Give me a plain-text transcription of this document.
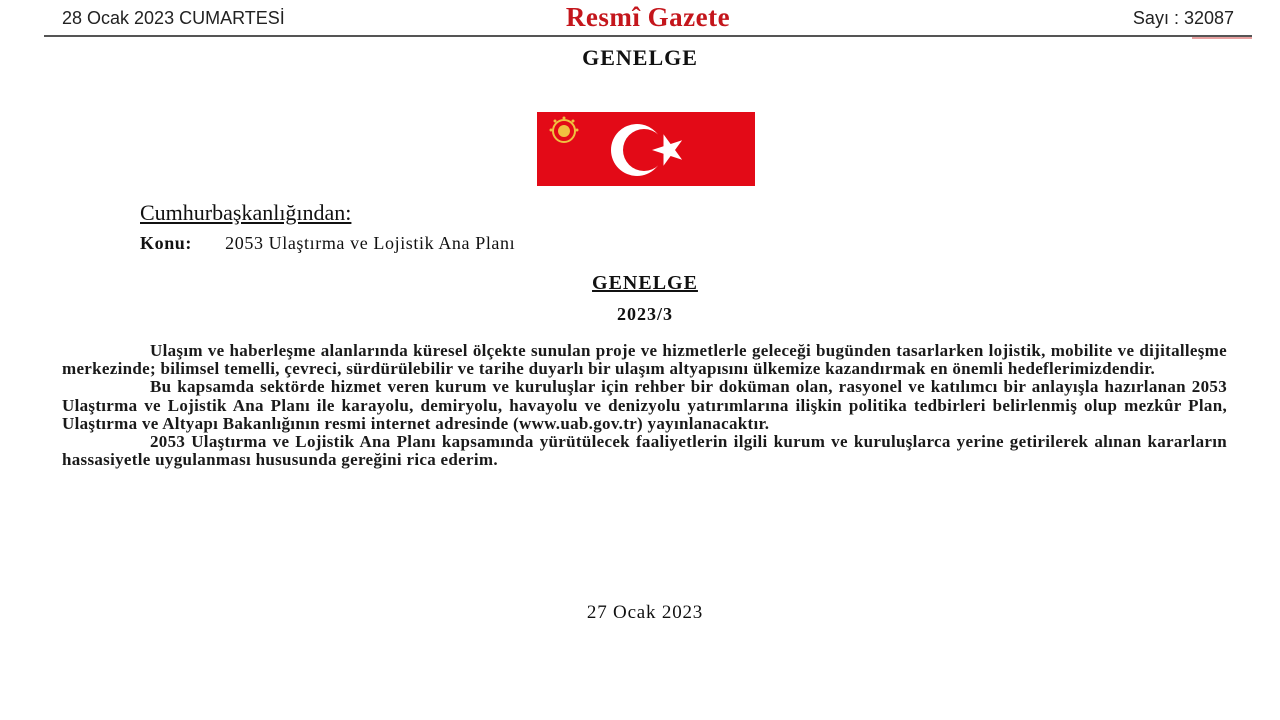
28 Ocak 2023 CUMARTESİ	Resmî Gazete	Sayı : 32087
GENELGE
Cumhurbaşkanlığından:
Konu: 2053 Ulaştırma ve Lojistik Ana Planı
GENELGE
2023/3

Ulaşım ve haberleşme alanlarında küresel ölçekte sunulan proje ve hizmetlerle geleceği bugünden tasarlarken lojistik, mobilite ve dijitalleşme merkezinde; bilimsel temelli, çevreci, sürdürülebilir ve tarihe duyarlı bir ulaşım altyapısını ülkemize kazandırmak en önemli hedeflerimizdendir.

Bu kapsamda sektörde hizmet veren kurum ve kuruluşlar için rehber bir doküman olan, rasyonel ve katılımcı bir anlayışla hazırlanan 2053 Ulaştırma ve Lojistik Ana Planı ile karayolu, demiryolu, havayolu ve denizyolu yatırımlarına ilişkin politika tedbirleri belirlenmiş olup mezkûr Plan, Ulaştırma ve Altyapı Bakanlığının resmi internet adresinde (www.uab.gov.tr) yayınlanacaktır.

2053 Ulaştırma ve Lojistik Ana Planı kapsamında yürütülecek faaliyetlerin ilgili kurum ve kuruluşlarca yerine getirilerek alınan kararların hassasiyetle uygulanması hususunda gereğini rica ederim.

27 Ocak 2023
